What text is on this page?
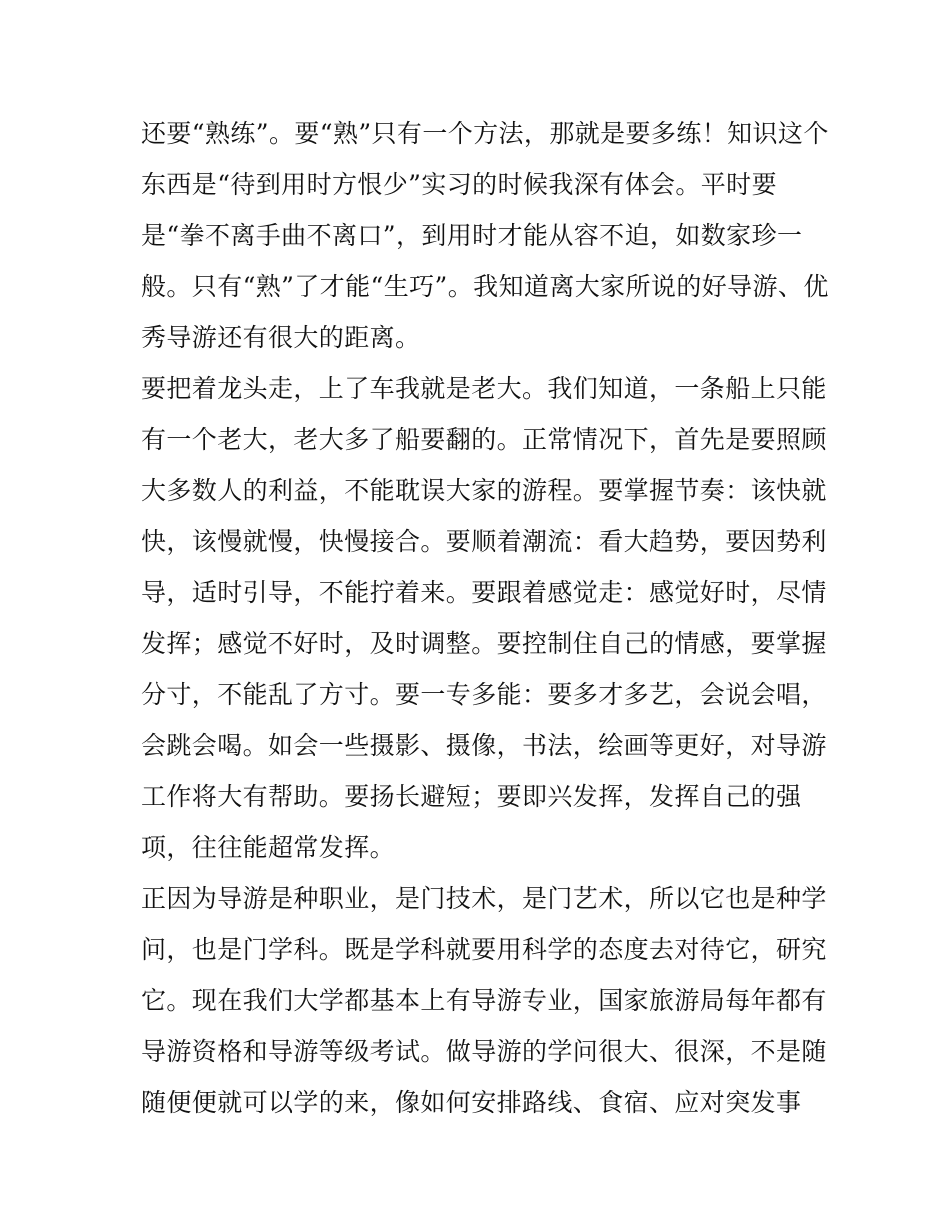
还要“熟练”。要“熟”只有一个方法，那就是要多练！知识这个
东西是“待到用时方恨少”实习的时候我深有体会。平时要
是“拳不离手曲不离口”，到用时才能从容不迫，如数家珍一
般。只有“熟”了才能“生巧”。我知道离大家所说的好导游、优
秀导游还有很大的距离。
要把着龙头走，上了车我就是老大。我们知道，一条船上只能
有一个老大，老大多了船要翻的。正常情况下，首先是要照顾
大多数人的利益，不能耽误大家的游程。要掌握节奏：该快就
快，该慢就慢，快慢接合。要顺着潮流：看大趋势，要因势利
导，适时引导，不能拧着来。要跟着感觉走：感觉好时，尽情
发挥；感觉不好时，及时调整。要控制住自己的情感，要掌握
分寸，不能乱了方寸。要一专多能：要多才多艺，会说会唱，
会跳会喝。如会一些摄影、摄像，书法，绘画等更好，对导游
工作将大有帮助。要扬长避短；要即兴发挥，发挥自己的强
项，往往能超常发挥。
正因为导游是种职业，是门技术，是门艺术，所以它也是种学
问，也是门学科。既是学科就要用科学的态度去对待它，研究
它。现在我们大学都基本上有导游专业，国家旅游局每年都有
导游资格和导游等级考试。做导游的学问很大、很深，不是随
随便便就可以学的来，像如何安排路线、食宿、应对突发事
